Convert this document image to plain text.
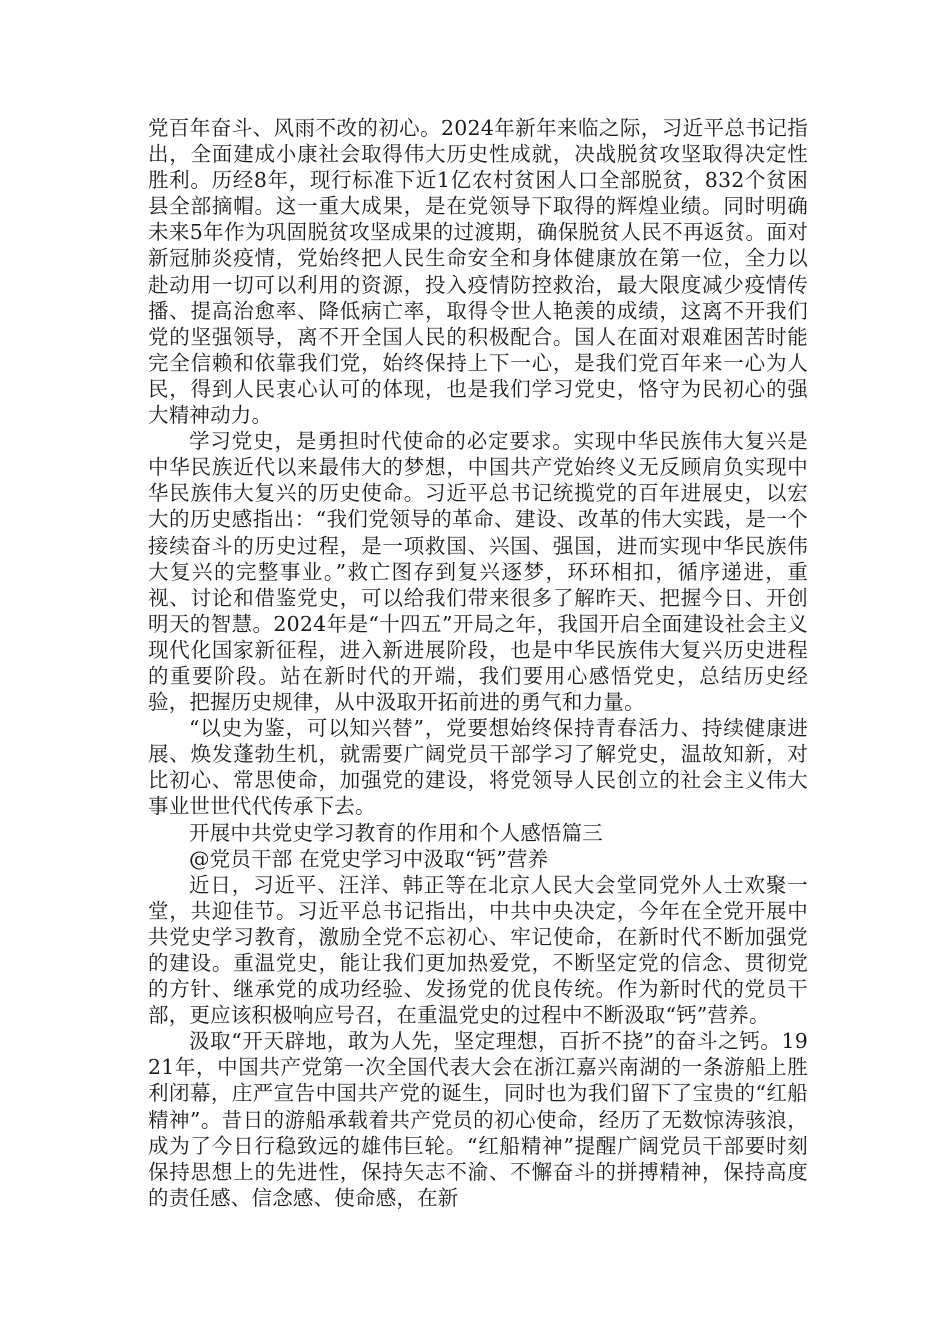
党百年奋斗、风雨不改的初心。2024年新年来临之际，习近平总书记指出，全面建成小康社会取得伟大历史性成就，决战脱贫攻坚取得决定性胜利。历经8年，现行标准下近1亿农村贫困人口全部脱贫，832个贫困县全部摘帽。这一重大成果，是在党领导下取得的辉煌业绩。同时明确未来5年作为巩固脱贫攻坚成果的过渡期，确保脱贫人民不再返贫。面对新冠肺炎疫情，党始终把人民生命安全和身体健康放在第一位，全力以赴动用一切可以利用的资源，投入疫情防控救治，最大限度减少疫情传播、提高治愈率、降低病亡率，取得令世人艳羡的成绩，这离不开我们党的坚强领导，离不开全国人民的积极配合。国人在面对艰难困苦时能完全信赖和依靠我们党，始终保持上下一心，是我们党百年来一心为人民，得到人民衷心认可的体现，也是我们学习党史，恪守为民初心的强大精神动力。

学习党史，是勇担时代使命的必定要求。实现中华民族伟大复兴是中华民族近代以来最伟大的梦想，中国共产党始终义无反顾肩负实现中华民族伟大复兴的历史使命。习近平总书记统揽党的百年进展史，以宏大的历史感指出：“我们党领导的革命、建设、改革的伟大实践，是一个接续奋斗的历史过程，是一项救国、兴国、强国，进而实现中华民族伟大复兴的完整事业。”救亡图存到复兴逐梦，环环相扣，循序递进，重视、讨论和借鉴党史，可以给我们带来很多了解昨天、把握今日、开创明天的智慧。2024年是“十四五”开局之年，我国开启全面建设社会主义现代化国家新征程，进入新进展阶段，也是中华民族伟大复兴历史进程的重要阶段。站在新时代的开端，我们要用心感悟党史，总结历史经验，把握历史规律，从中汲取开拓前进的勇气和力量。

“以史为鉴，可以知兴替”，党要想始终保持青春活力、持续健康进展、焕发蓬勃生机，就需要广阔党员干部学习了解党史，温故知新，对比初心、常思使命，加强党的建设，将党领导人民创立的社会主义伟大事业世世代代传承下去。

开展中共党史学习教育的作用和个人感悟篇三

@党员干部 在党史学习中汲取“钙”营养

近日，习近平、汪洋、韩正等在北京人民大会堂同党外人士欢聚一堂，共迎佳节。习近平总书记指出，中共中央决定，今年在全党开展中共党史学习教育，激励全党不忘初心、牢记使命，在新时代不断加强党的建设。重温党史，能让我们更加热爱党，不断坚定党的信念、贯彻党的方针、继承党的成功经验、发扬党的优良传统。作为新时代的党员干部，更应该积极响应号召，在重温党史的过程中不断汲取“钙”营养。

汲取“开天辟地，敢为人先，坚定理想，百折不挠”的奋斗之钙。1921年，中国共产党第一次全国代表大会在浙江嘉兴南湖的一条游船上胜利闭幕，庄严宣告中国共产党的诞生，同时也为我们留下了宝贵的“红船精神”。昔日的游船承载着共产党员的初心使命，经历了无数惊涛骇浪，成为了今日行稳致远的雄伟巨轮。“红船精神”提醒广阔党员干部要时刻保持思想上的先进性，保持矢志不渝、不懈奋斗的拼搏精神，保持高度的责任感、信念感、使命感，在新
